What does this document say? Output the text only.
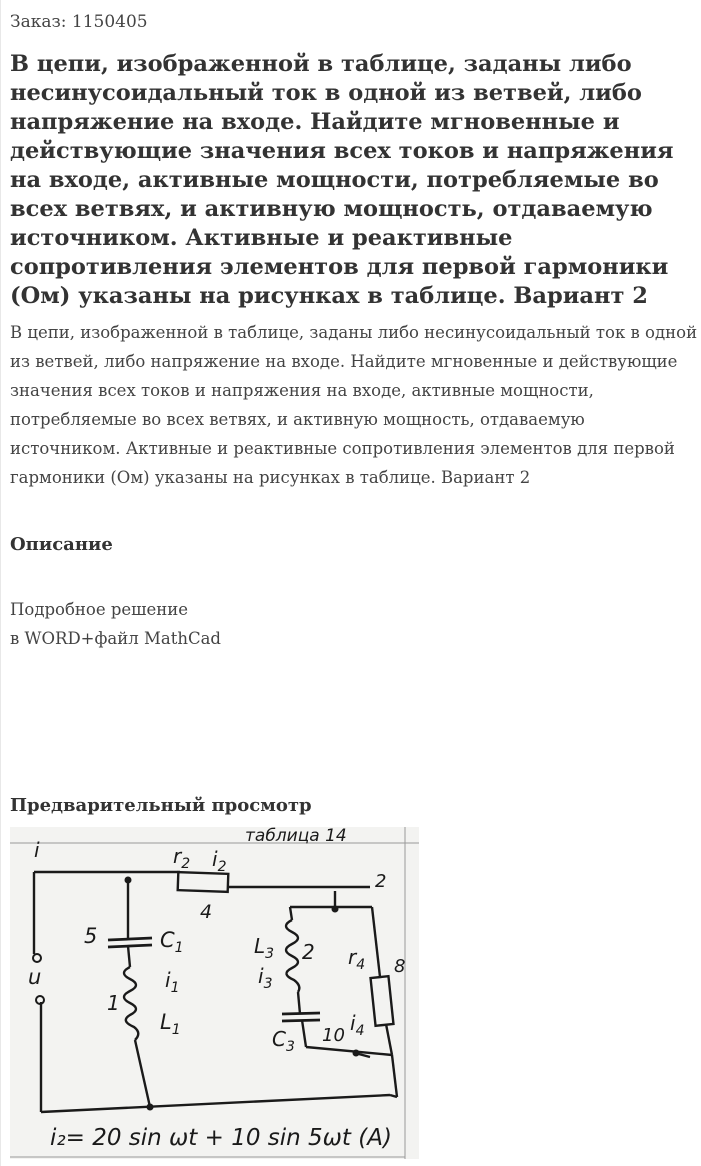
Заказ: 1150405
В цепи, изображенной в таблице, заданы либо несинусоидальный ток в одной из ветвей, либо напряжение на входе. Найдите мгновенные и действующие значения всех токов и напряжения на входе, активные мощности, потребляемые во всех ветвях, и активную мощность, отдаваемую источником. Активные и реактивные сопротивления элементов для первой гармоники (Ом) указаны на рисунках в таблице. Вариант 2
В цепи, изображенной в таблице, заданы либо несинусоидальный ток в одной из ветвей, либо напряжение на входе. Найдите мгновенные и действующие значения всех токов и напряжения на входе, активные мощности, потребляемые во всех ветвях, и активную мощность, отдаваемую источником. Активные и реактивные сопротивления элементов для первой гармоники (Ом) указаны на рисунках в таблице. Вариант 2
Описание
Подробное решение
в WORD+файл MathCad
Предварительный просмотр
таблица 14
2
i
u
$r_2$ $i_2$
4
5	$C_1$
$i_1$
1
$L_1$
$L_3$ 2
$i_3$
$C_3$
10
$r_4$ 8
$i_4$
i₂= 20 sin ωt + 10 sin 5ωt (A)
